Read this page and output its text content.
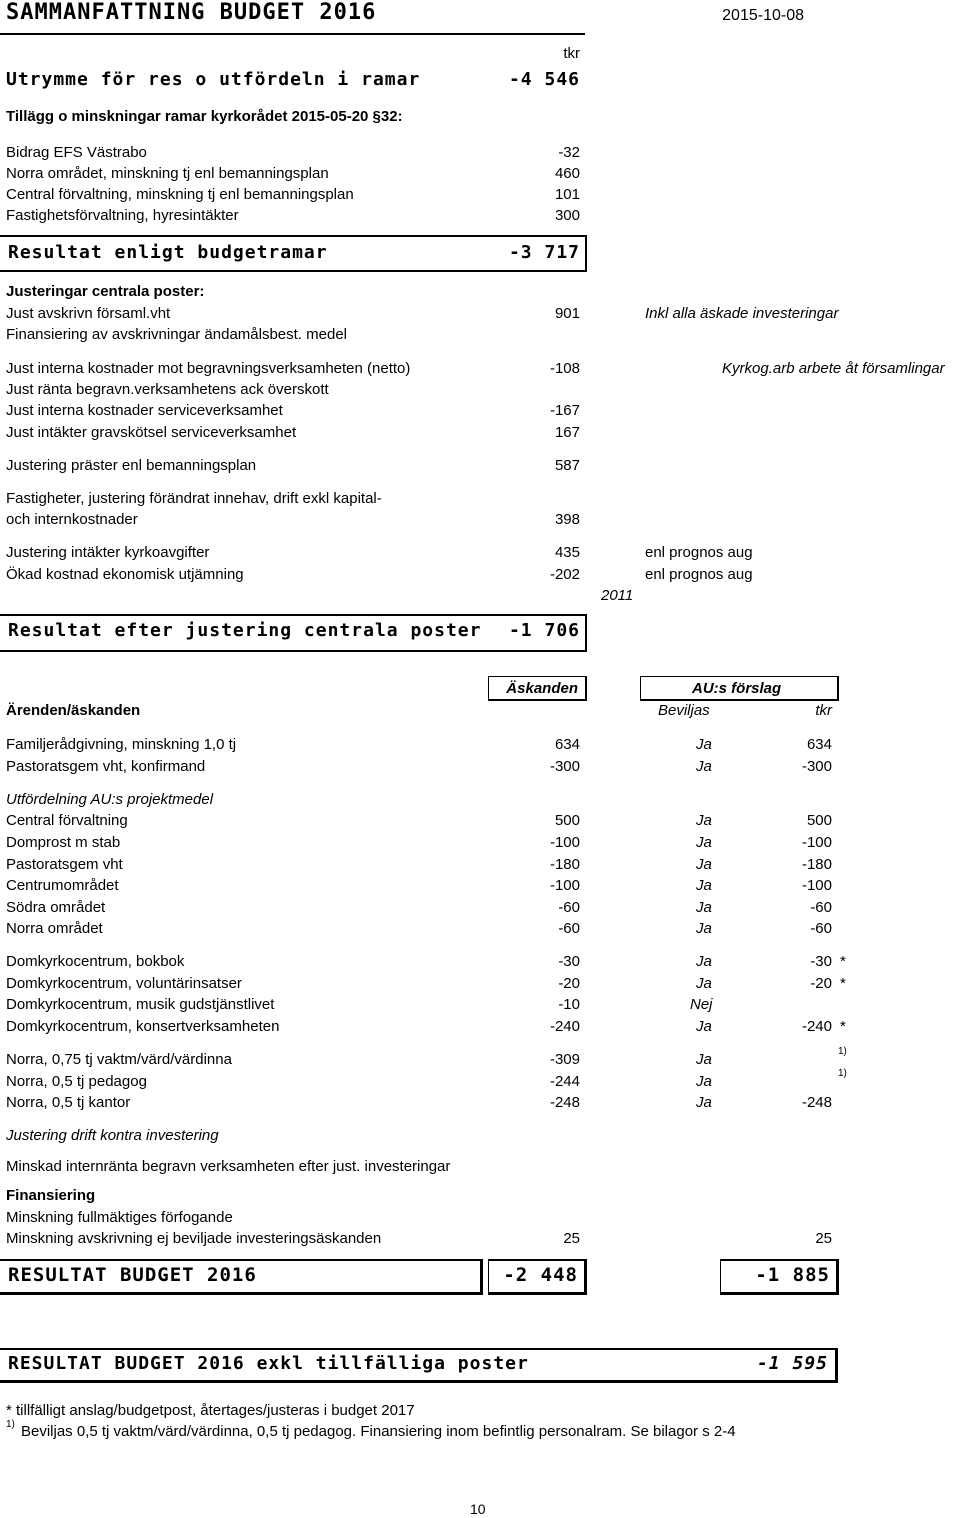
SAMMANFATTNING BUDGET 2016	2015-10-08
tkr
Utrymme för res o utfördeln i ramar	-4 546
Tillägg o minskningar ramar kyrkorådet 2015-05-20 §32:
Bidrag EFS Västrabo	-32
Norra området, minskning tj enl bemanningsplan	460
Central förvaltning, minskning tj enl bemanningsplan	101
Fastighetsförvaltning, hyresintäkter	300
Resultat enligt budgetramar	-3 717
Justeringar centrala poster:
Just avskrivn församl.vht	901	Inkl alla äskade investeringar
Finansiering av avskrivningar ändamålsbest. medel
Just interna kostnader mot begravningsverksamheten (netto)	-108	Kyrkog.arb arbete åt församlingar
Just ränta begravn.verksamhetens ack överskott
Just interna kostnader serviceverksamhet	-167
Just intäkter gravskötsel serviceverksamhet	167
Justering präster enl bemanningsplan	587
Fastigheter, justering förändrat innehav, drift exkl kapital-
och internkostnader	398
Justering intäkter kyrkoavgifter	435	enl prognos aug
Ökad kostnad ekonomisk utjämning	-202	enl prognos aug
2011
Resultat efter justering centrala poster	-1 706
Äskanden	AU:s förslag
Ärenden/äskanden	Beviljas	tkr
Familjerådgivning, minskning 1,0 tj	634	Ja	634
Pastoratsgem vht, konfirmand	-300	Ja	-300
Utfördelning AU:s projektmedel
Central förvaltning	500	Ja	500
Domprost m stab	-100	Ja	-100
Pastoratsgem vht	-180	Ja	-180
Centrumområdet	-100	Ja	-100
Södra området	-60	Ja	-60
Norra området	-60	Ja	-60
Domkyrkocentrum, bokbok	-30	Ja	-30 *
Domkyrkocentrum, voluntärinsatser	-20	Ja	-20 *
Domkyrkocentrum, musik gudstjänstlivet	-10	Nej
Domkyrkocentrum, konsertverksamheten	-240	Ja	-240 *
Norra, 0,75 tj vaktm/värd/värdinna	-309	Ja	1)
Norra, 0,5 tj pedagog	-244	Ja	1)
Norra, 0,5 tj kantor	-248	Ja	-248
Justering drift kontra investering
Minskad internränta begravn verksamheten efter just. investeringar
Finansiering
Minskning fullmäktiges förfogande
Minskning avskrivning ej beviljade investeringsäskanden	25	25
RESULTAT BUDGET 2016	-2 448	-1 885
RESULTAT BUDGET 2016 exkl tillfälliga poster	-1 595
* tillfälligt anslag/budgetpost, återtages/justeras i budget 2017
1) Beviljas 0,5 tj vaktm/värd/värdinna, 0,5 tj pedagog. Finansiering inom befintlig personalram. Se bilagor s 2-4
10
